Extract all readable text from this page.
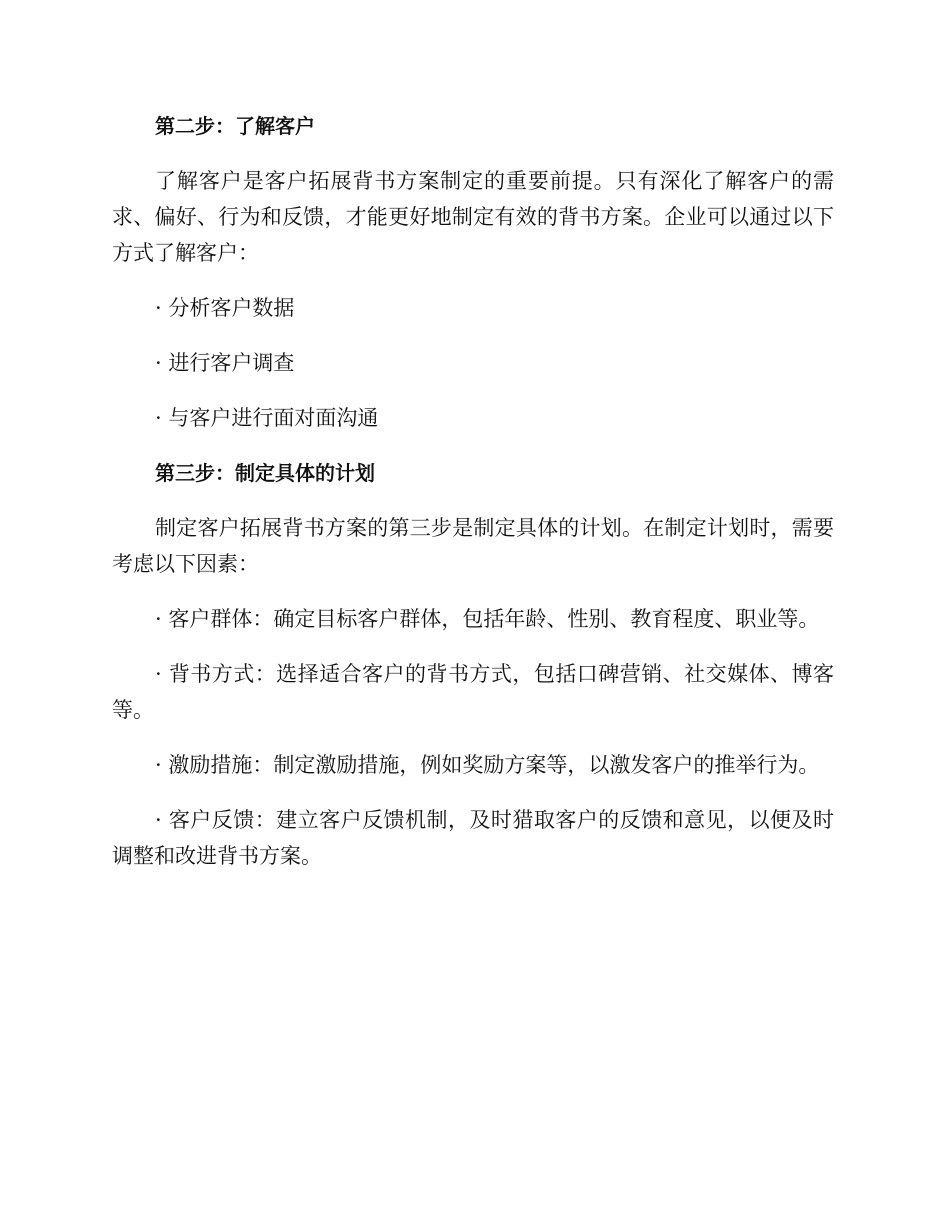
第二步：了解客户
了解客户是客户拓展背书方案制定的重要前提。只有深化了解客户的需求、偏好、行为和反馈，才能更好地制定有效的背书方案。企业可以通过以下方式了解客户：
· 分析客户数据
· 进行客户调查
· 与客户进行面对面沟通
第三步：制定具体的计划
制定客户拓展背书方案的第三步是制定具体的计划。在制定计划时，需要考虑以下因素：
· 客户群体：确定目标客户群体，包括年龄、性别、教育程度、职业等。
· 背书方式：选择适合客户的背书方式，包括口碑营销、社交媒体、博客等。
· 激励措施：制定激励措施，例如奖励方案等，以激发客户的推举行为。
· 客户反馈：建立客户反馈机制，及时猎取客户的反馈和意见，以便及时调整和改进背书方案。
